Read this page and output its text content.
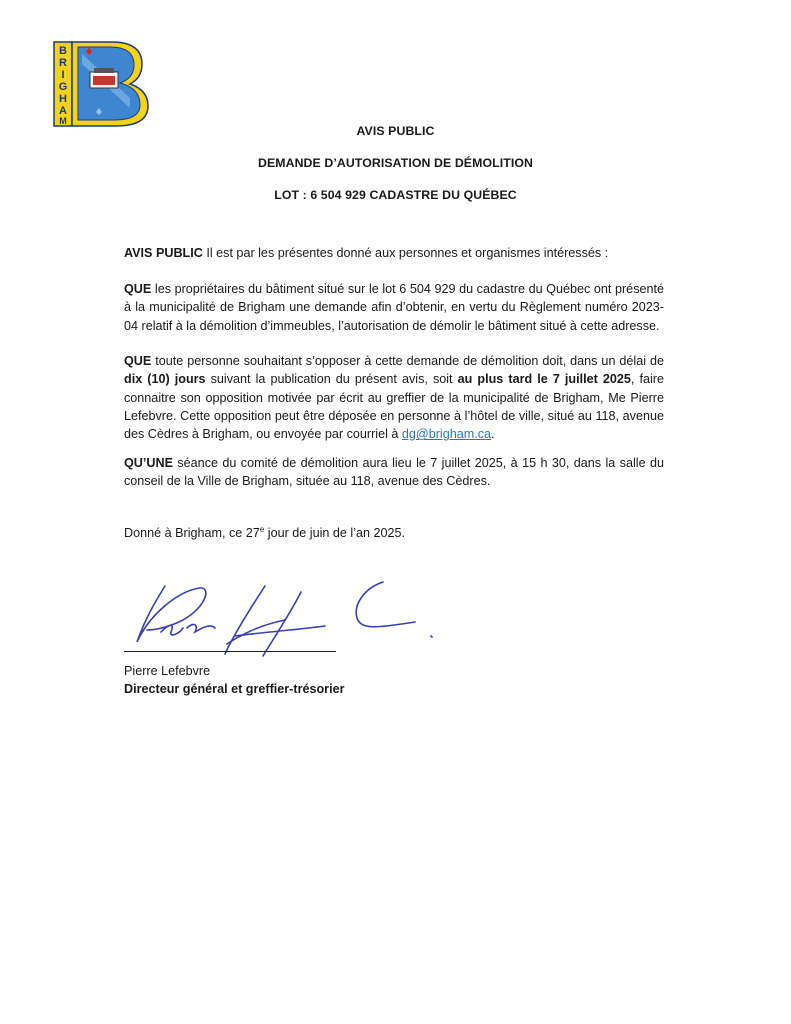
B
R
I
G
H
A
M
AVIS PUBLIC
DEMANDE D’AUTORISATION DE DÉMOLITION
LOT : 6 504 929 CADASTRE DU QUÉBEC

AVIS PUBLIC Il est par les présentes donné aux personnes et organismes intéressés :

QUE les propriétaires du bâtiment situé sur le lot 6 504 929 du cadastre du Québec ont présenté à la municipalité de Brigham une demande afin d’obtenir, en vertu du Règlement numéro 2023-04 relatif à la démolition d’immeubles, l’autorisation de démolir le bâtiment situé à cette adresse.

QUE toute personne souhaitant s’opposer à cette demande de démolition doit, dans un délai de dix (10) jours suivant la publication du présent avis, soit au plus tard le 7 juillet 2025, faire connaitre son opposition motivée par écrit au greffier de la municipalité de Brigham, Me Pierre Lefebvre. Cette opposition peut être déposée en personne à l’hôtel de ville, situé au 118, avenue des Cèdres à Brigham, ou envoyée par courriel à dg@brigham.ca.

QU’UNE séance du comité de démolition aura lieu le 7 juillet 2025, à 15 h 30, dans la salle du conseil de la Ville de Brigham, située au 118, avenue des Cèdres.

Donné à Brigham, ce 27e jour de juin de l’an 2025.

Pierre Lefebvre
Directeur général et greffier-trésorier
